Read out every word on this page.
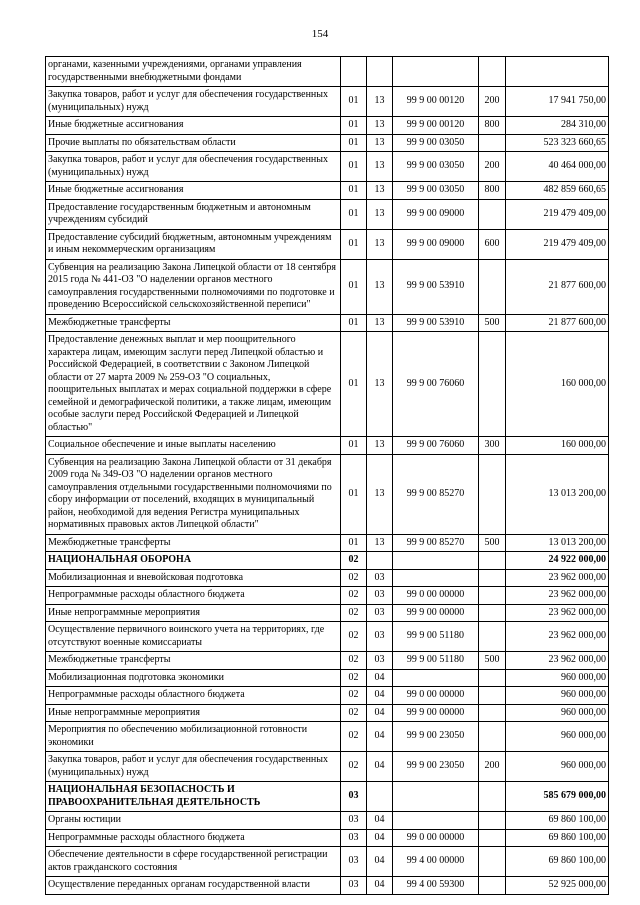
154
органами, казенными учреждениями, органами управления государственными внебюджетными фондами					
Закупка товаров, работ и услуг для обеспечения государственных (муниципальных) нужд	01	13	99 9 00 00120	200	17 941 750,00
Иные бюджетные ассигнования	01	13	99 9 00 00120	800	284 310,00
Прочие выплаты по обязательствам области	01	13	99 9 00 03050		523 323 660,65
Закупка товаров, работ и услуг для обеспечения государственных (муниципальных) нужд	01	13	99 9 00 03050	200	40 464 000,00
Иные бюджетные ассигнования	01	13	99 9 00 03050	800	482 859 660,65
Предоставление государственным бюджетным и автономным учреждениям субсидий	01	13	99 9 00 09000		219 479 409,00
Предоставление субсидий бюджетным, автономным учреждениям и иным некоммерческим организациям	01	13	99 9 00 09000	600	219 479 409,00
Субвенция на реализацию Закона Липецкой области от 18 сентября 2015 года № 441-ОЗ "О наделении органов местного самоуправления государственными полномочиями по подготовке и проведению Всероссийской сельскохозяйственной переписи"	01	13	99 9 00 53910		21 877 600,00
Межбюджетные трансферты	01	13	99 9 00 53910	500	21 877 600,00
Предоставление денежных выплат и мер поощрительного характера лицам, имеющим заслуги перед Липецкой областью и Российской Федерацией, в соответствии с Законом Липецкой области от 27 марта 2009 № 259-ОЗ "О социальных, поощрительных выплатах и мерах социальной поддержки в сфере семейной и демографической политики, а также лицам, имеющим особые заслуги перед Российской Федерацией и Липецкой областью"	01	13	99 9 00 76060		160 000,00
Социальное обеспечение и иные выплаты населению	01	13	99 9 00 76060	300	160 000,00
Субвенция на реализацию Закона Липецкой области от 31 декабря 2009 года № 349-ОЗ "О наделении органов местного самоуправления отдельными государственными полномочиями по сбору информации от поселений, входящих в муниципальный район, необходимой для ведения Регистра муниципальных нормативных правовых актов Липецкой области"	01	13	99 9 00 85270		13 013 200,00
Межбюджетные трансферты	01	13	99 9 00 85270	500	13 013 200,00
НАЦИОНАЛЬНАЯ ОБОРОНА	02				24 922 000,00
Мобилизационная и вневойсковая подготовка	02	03			23 962 000,00
Непрограммные расходы областного бюджета	02	03	99 0 00 00000		23 962 000,00
Иные непрограммные мероприятия	02	03	99 9 00 00000		23 962 000,00
Осуществление первичного воинского учета на территориях, где отсутствуют военные комиссариаты	02	03	99 9 00 51180		23 962 000,00
Межбюджетные трансферты	02	03	99 9 00 51180	500	23 962 000,00
Мобилизационная подготовка экономики	02	04			960 000,00
Непрограммные расходы областного бюджета	02	04	99 0 00 00000		960 000,00
Иные непрограммные мероприятия	02	04	99 9 00 00000		960 000,00
Мероприятия по обеспечению мобилизационной готовности экономики	02	04	99 9 00 23050		960 000,00
Закупка товаров, работ и услуг для обеспечения государственных (муниципальных) нужд	02	04	99 9 00 23050	200	960 000,00
НАЦИОНАЛЬНАЯ БЕЗОПАСНОСТЬ И ПРАВООХРАНИТЕЛЬНАЯ ДЕЯТЕЛЬНОСТЬ	03				585 679 000,00
Органы юстиции	03	04			69 860 100,00
Непрограммные расходы областного бюджета	03	04	99 0 00 00000		69 860 100,00
Обеспечение деятельности в сфере государственной регистрации актов гражданского состояния	03	04	99 4 00 00000		69 860 100,00
Осуществление переданных органам государственной власти	03	04	99 4 00 59300		52 925 000,00
